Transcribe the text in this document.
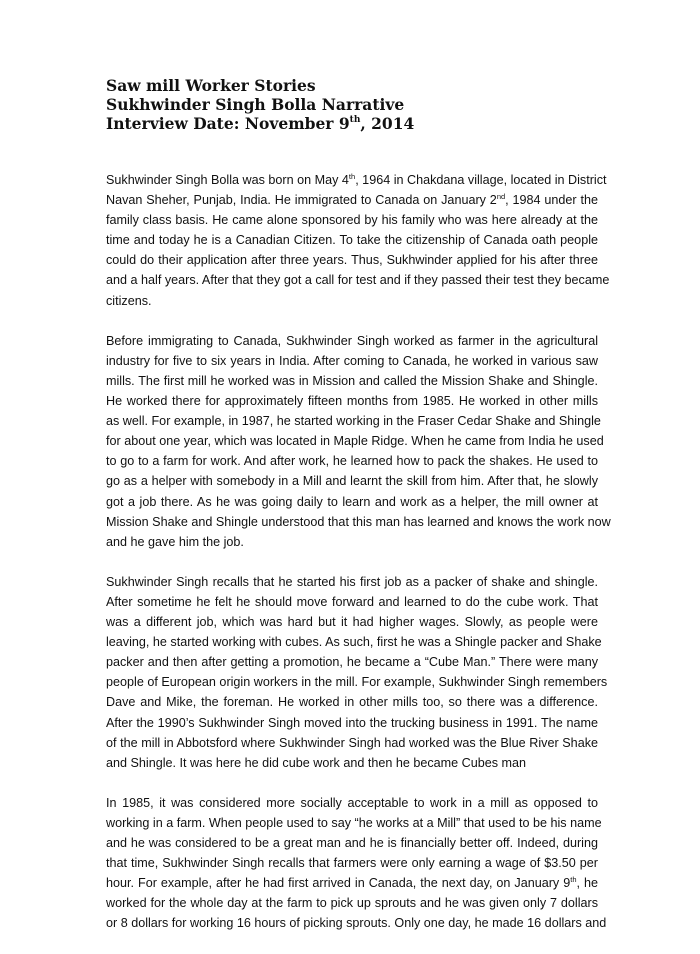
Saw mill Worker Stories
Sukhwinder Singh Bolla Narrative
Interview Date: November 9th, 2014
Sukhwinder Singh Bolla was born on May 4th, 1964 in Chakdana village, located in District
Navan Sheher, Punjab, India. He immigrated to Canada on January 2nd, 1984 under the
family class basis. He came alone sponsored by his family who was here already at the
time and today he is a Canadian Citizen. To take the citizenship of Canada oath people
could do their application after three years. Thus, Sukhwinder applied for his after three
and a half years. After that they got a call for test and if they passed their test they became
citizens.
Before immigrating to Canada, Sukhwinder Singh worked as farmer in the agricultural
industry for five to six years in India. After coming to Canada, he worked in various saw
mills. The first mill he worked was in Mission and called the Mission Shake and Shingle.
He worked there for approximately fifteen months from 1985. He worked in other mills
as well. For example, in 1987, he started working in the Fraser Cedar Shake and Shingle
for about one year, which was located in Maple Ridge. When he came from India he used
to go to a farm for work. And after work, he learned how to pack the shakes. He used to
go as a helper with somebody in a Mill and learnt the skill from him. After that, he slowly
got a job there. As he was going daily to learn and work as a helper, the mill owner at
Mission Shake and Shingle understood that this man has learned and knows the work now
and he gave him the job.
Sukhwinder Singh recalls that he started his first job as a packer of shake and shingle.
After sometime he felt he should move forward and learned to do the cube work. That
was a different job, which was hard but it had higher wages. Slowly, as people were
leaving, he started working with cubes. As such, first he was a Shingle packer and Shake
packer and then after getting a promotion, he became a “Cube Man.” There were many
people of European origin workers in the mill. For example, Sukhwinder Singh remembers
Dave and Mike, the foreman. He worked in other mills too, so there was a difference.
After the 1990’s Sukhwinder Singh moved into the trucking business in 1991. The name
of the mill in Abbotsford where Sukhwinder Singh had worked was the Blue River Shake
and Shingle. It was here he did cube work and then he became Cubes man
In 1985, it was considered more socially acceptable to work in a mill as opposed to
working in a farm. When people used to say “he works at a Mill” that used to be his name
and he was considered to be a great man and he is financially better off. Indeed, during
that time, Sukhwinder Singh recalls that farmers were only earning a wage of $3.50 per
hour. For example, after he had first arrived in Canada, the next day, on January 9th, he
worked for the whole day at the farm to pick up sprouts and he was given only 7 dollars
or 8 dollars for working 16 hours of picking sprouts. Only one day, he made 16 dollars and
